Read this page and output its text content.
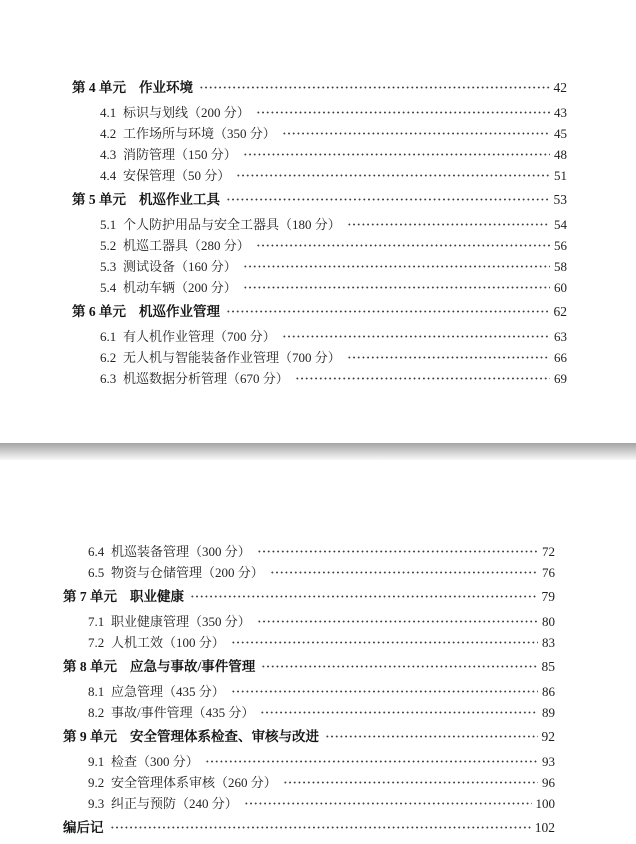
第 4 单元 作业环境	42
4.1 标识与划线（200 分）	43
4.2 工作场所与环境（350 分）	45
4.3 消防管理（150 分）	48
4.4 安保管理（50 分）	51
第 5 单元 机巡作业工具	53
5.1 个人防护用品与安全工器具（180 分）	54
5.2 机巡工器具（280 分）	56
5.3 测试设备（160 分）	58
5.4 机动车辆（200 分）	60
第 6 单元 机巡作业管理	62
6.1 有人机作业管理（700 分）	63
6.2 无人机与智能装备作业管理（700 分）	66
6.3 机巡数据分析管理（670 分）	69
6.4 机巡装备管理（300 分）	72
6.5 物资与仓储管理（200 分）	76
第 7 单元 职业健康	79
7.1 职业健康管理（350 分）	80
7.2 人机工效（100 分）	83
第 8 单元 应急与事故/事件管理	85
8.1 应急管理（435 分）	86
8.2 事故/事件管理（435 分）	89
第 9 单元 安全管理体系检查、审核与改进	92
9.1 检查（300 分）	93
9.2 安全管理体系审核（260 分）	96
9.3 纠正与预防（240 分）	100
编后记	102
